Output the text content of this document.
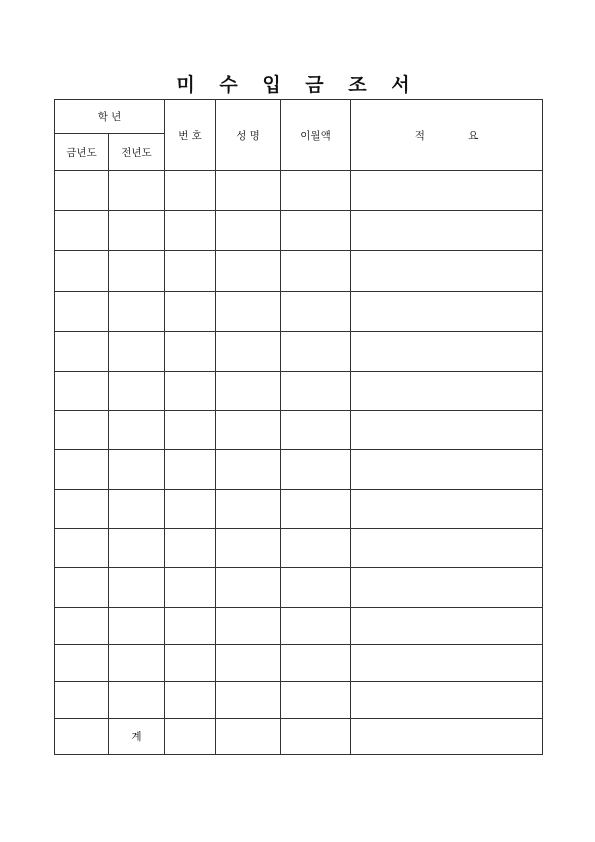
미 수 입 금 조 서
학 년		번 호	성 명	이월액	적 요
금년도	전년도				

	계				
